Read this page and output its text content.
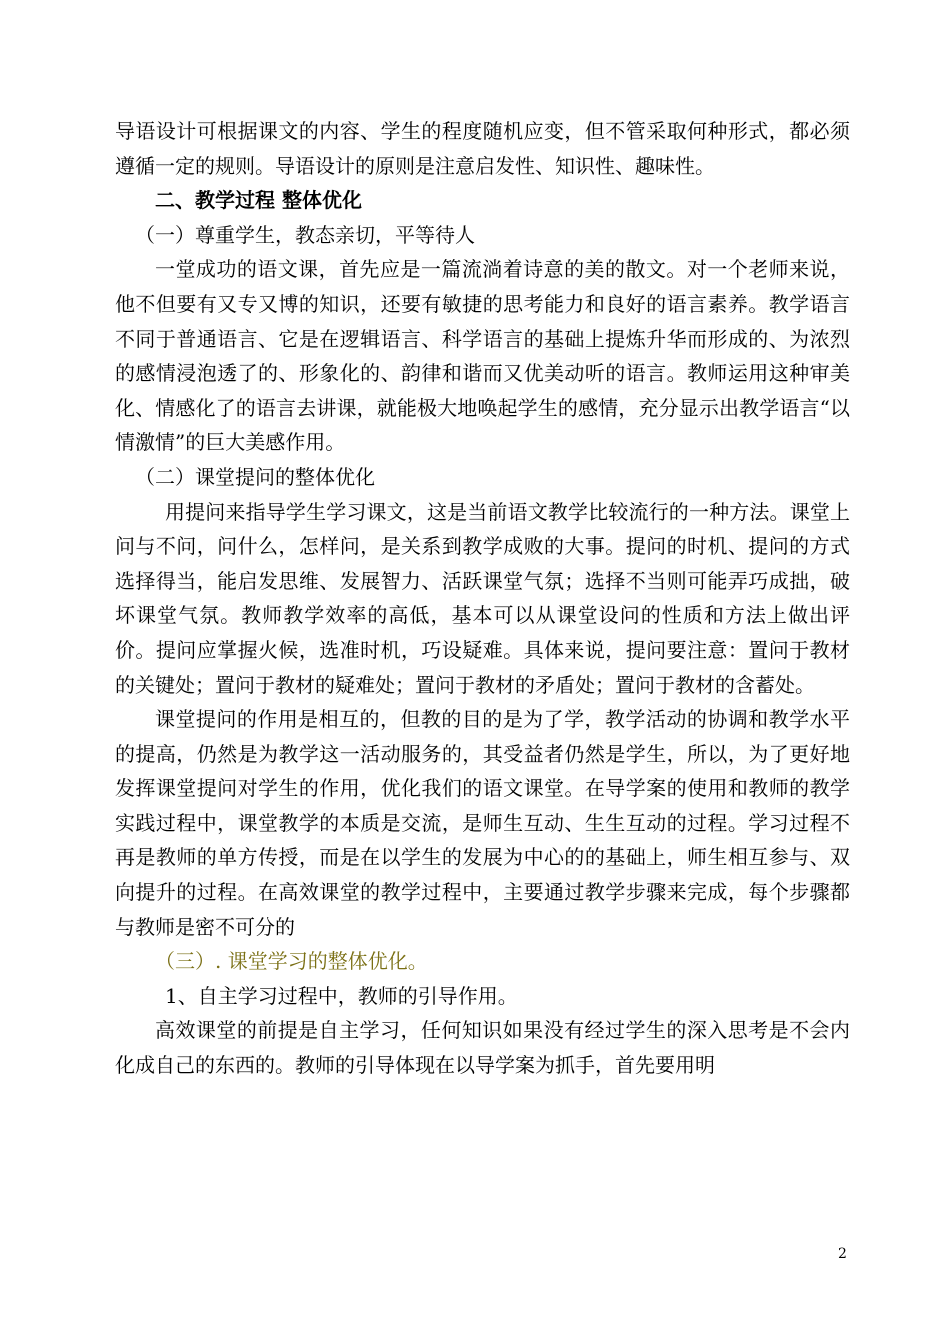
导语设计可根据课文的内容、学生的程度随机应变，但不管采取何种形式，都必须遵循一定的规则。导语设计的原则是注意启发性、知识性、趣味性。

二、教学过程 整体优化

（一）尊重学生，教态亲切，平等待人

一堂成功的语文课，首先应是一篇流淌着诗意的美的散文。对一个老师来说，他不但要有又专又博的知识，还要有敏捷的思考能力和良好的语言素养。教学语言不同于普通语言、它是在逻辑语言、科学语言的基础上提炼升华而形成的、为浓烈的感情浸泡透了的、形象化的、韵律和谐而又优美动听的语言。教师运用这种审美化、情感化了的语言去讲课，就能极大地唤起学生的感情，充分显示出教学语言“以情激情”的巨大美感作用。

（二）课堂提问的整体优化

用提问来指导学生学习课文，这是当前语文教学比较流行的一种方法。课堂上问与不问，问什么，怎样问，是关系到教学成败的大事。提问的时机、提问的方式选择得当，能启发思维、发展智力、活跃课堂气氛；选择不当则可能弄巧成拙，破坏课堂气氛。教师教学效率的高低，基本可以从课堂设问的性质和方法上做出评价。提问应掌握火候，选准时机，巧设疑难。具体来说，提问要注意：置问于教材的关键处；置问于教材的疑难处；置问于教材的矛盾处；置问于教材的含蓄处。

课堂提问的作用是相互的，但教的目的是为了学，教学活动的协调和教学水平的提高，仍然是为教学这一活动服务的，其受益者仍然是学生，所以，为了更好地发挥课堂提问对学生的作用，优化我们的语文课堂。在导学案的使用和教师的教学实践过程中，课堂教学的本质是交流，是师生互动、生生互动的过程。学习过程不再是教师的单方传授，而是在以学生的发展为中心的的基础上，师生相互参与、双向提升的过程。在高效课堂的教学过程中，主要通过教学步骤来完成，每个步骤都与教师是密不可分的

（三）. 课堂学习的整体优化。

1、自主学习过程中，教师的引导作用。

高效课堂的前提是自主学习，任何知识如果没有经过学生的深入思考是不会内化成自己的东西的。教师的引导体现在以导学案为抓手，首先要用明

2
